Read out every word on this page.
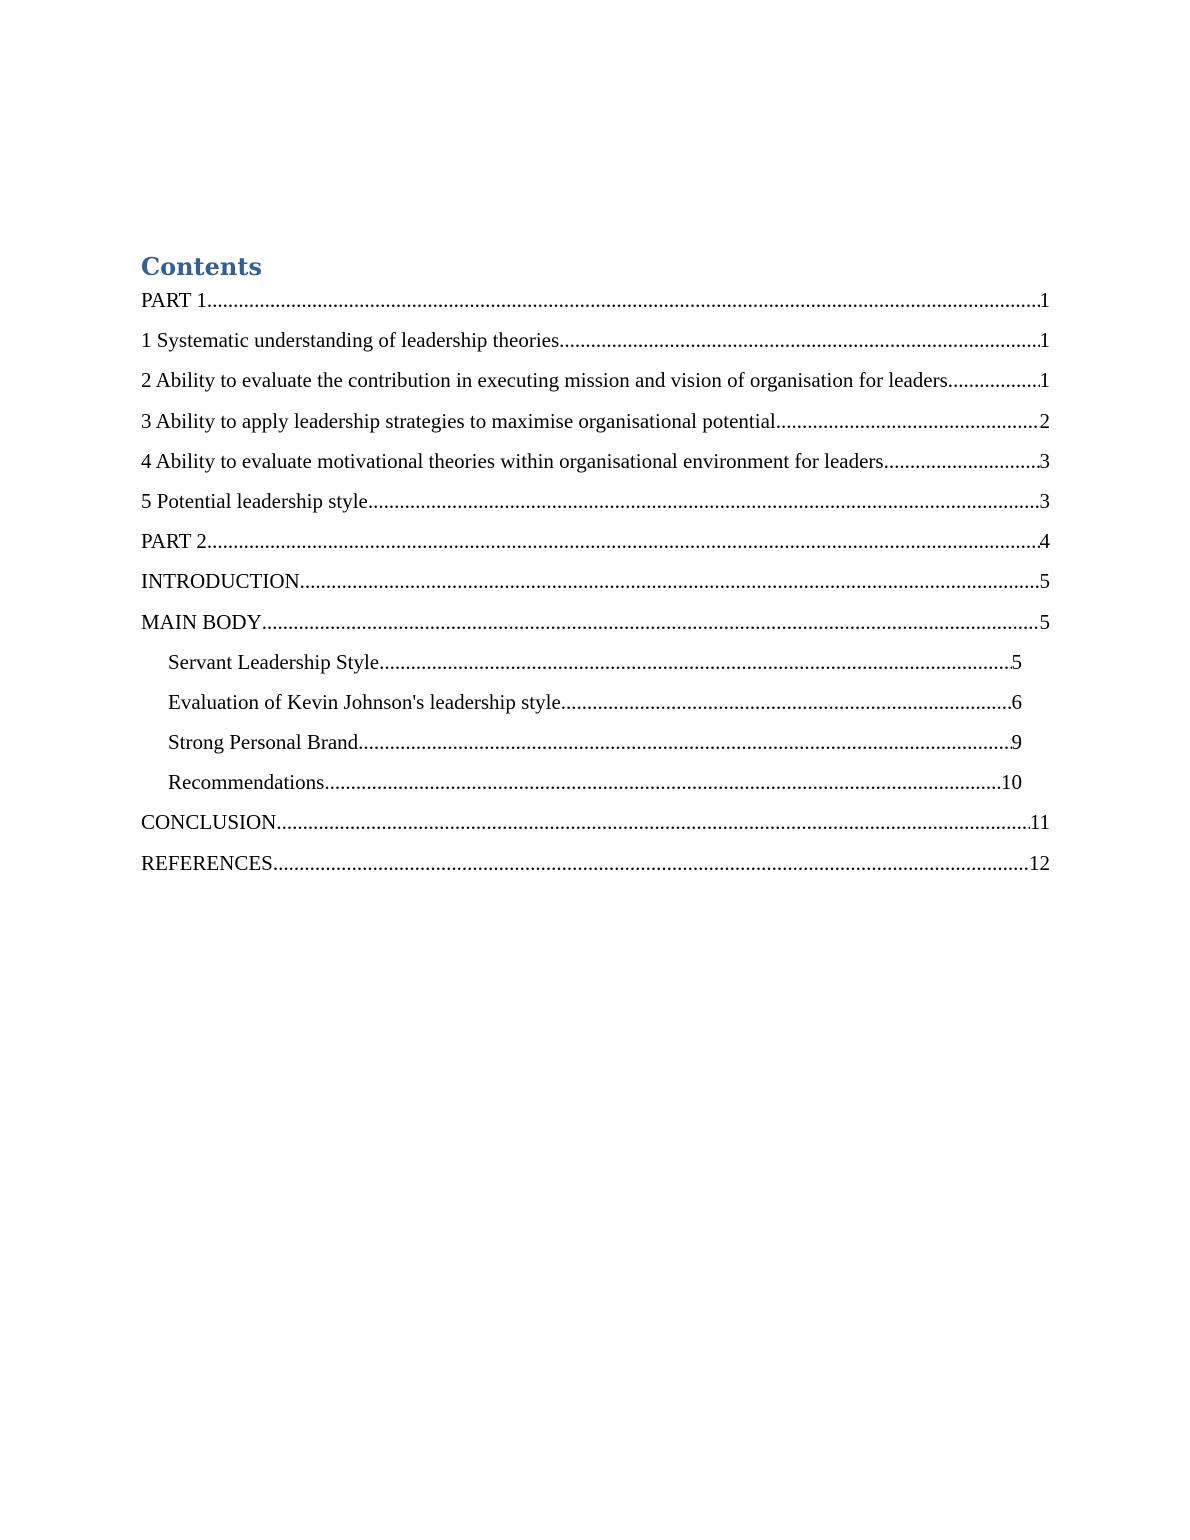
Contents
PART 1 .....	1
1 Systematic understanding of leadership theories .....	1
2 Ability to evaluate the contribution in executing mission and vision of organisation for leaders .....	1
3 Ability to apply leadership strategies to maximise organisational potential .....	2
4 Ability to evaluate motivational theories within organisational environment for leaders .....	3
5 Potential leadership style .....	3
PART 2 .....	4
INTRODUCTION .....	5
MAIN BODY .....	5
Servant Leadership Style .....	5
Evaluation of Kevin Johnson's leadership style .....	6
Strong Personal Brand .....	9
Recommendations .....	10
CONCLUSION .....	11
REFERENCES .....	12
